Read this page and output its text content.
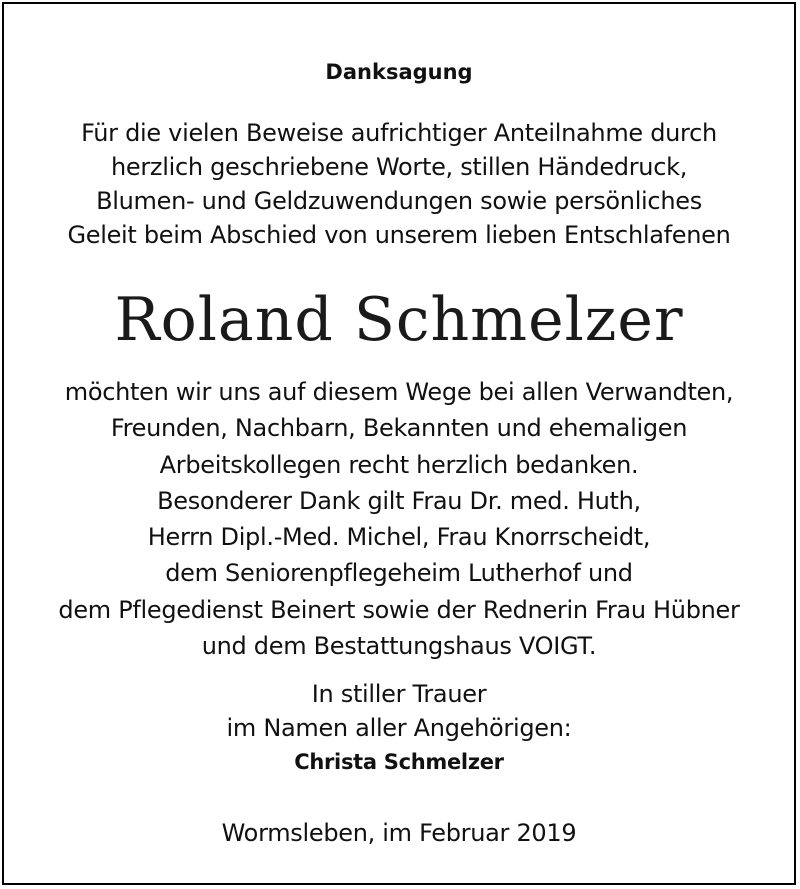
Danksagung
Für die vielen Beweise aufrichtiger Anteilnahme durch
herzlich geschriebene Worte, stillen Händedruck,
Blumen- und Geldzuwendungen sowie persönliches
Geleit beim Abschied von unserem lieben Entschlafenen
Roland Schmelzer
möchten wir uns auf diesem Wege bei allen Verwandten,
Freunden, Nachbarn, Bekannten und ehemaligen
Arbeitskollegen recht herzlich bedanken.
Besonderer Dank gilt Frau Dr. med. Huth,
Herrn Dipl.-Med. Michel, Frau Knorrscheidt,
dem Seniorenpflegeheim Lutherhof und
dem Pflegedienst Beinert sowie der Rednerin Frau Hübner
und dem Bestattungshaus VOIGT.
In stiller Trauer
im Namen aller Angehörigen:
Christa Schmelzer
Wormsleben, im Februar 2019
